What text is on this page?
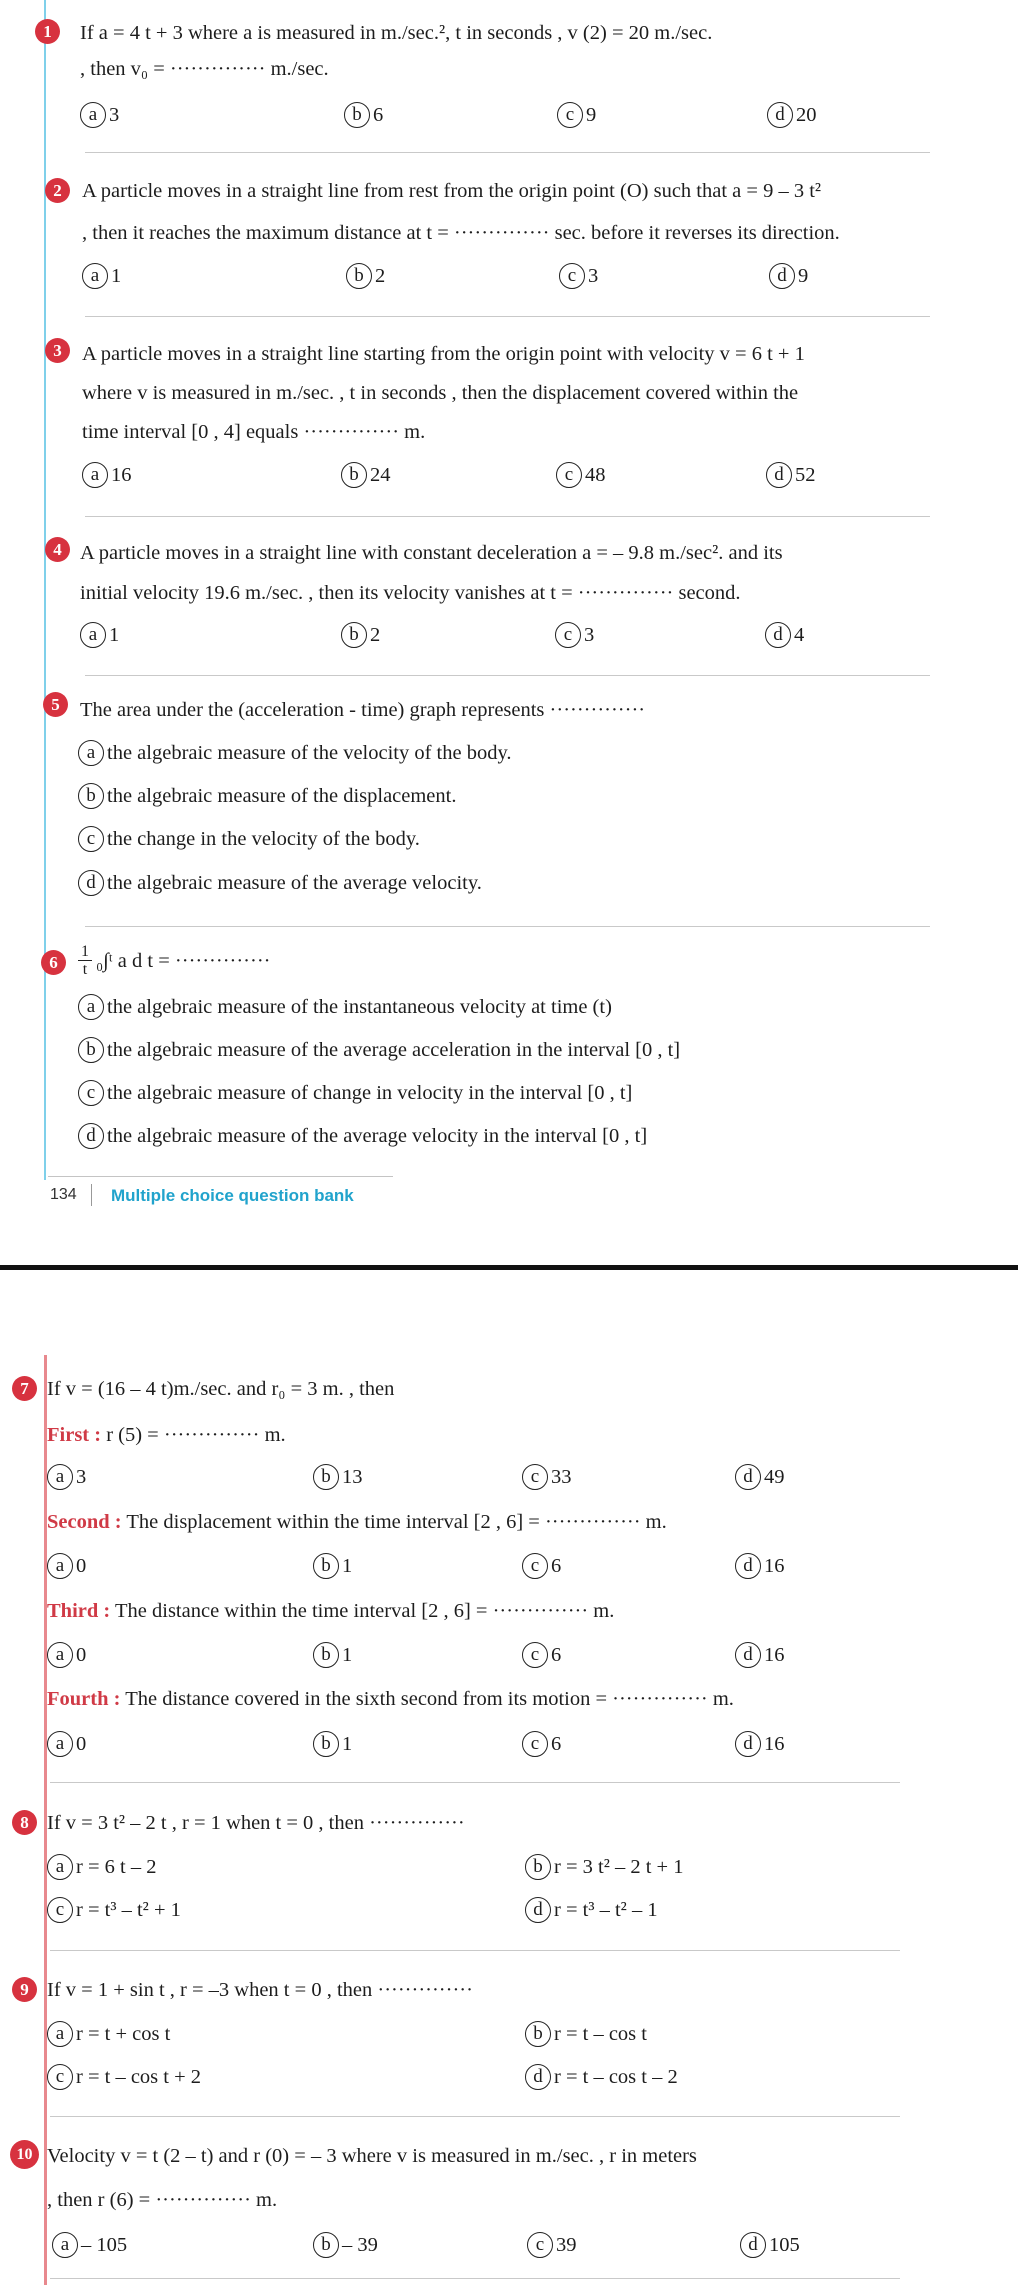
1	If a = 4 t + 3 where a is measured in m./sec.², t in seconds , v (2) = 20 m./sec.
, then v₀ = ·············· m./sec.
a 3	b 6	c 9	d 20
2 A particle moves in a straight line from rest from the origin point (O) such that a = 9 – 3 t²
, then it reaches the maximum distance at t = ·············· sec. before it reverses its direction.
a 1	b 2	c 3	d 9
3 A particle moves in a straight line starting from the origin point with velocity v = 6 t + 1
where v is measured in m./sec. , t in seconds , then the displacement covered within the
time interval [0 , 4] equals ·············· m.
a 16	b 24	c 48	d 52
4 A particle moves in a straight line with constant deceleration a = – 9.8 m./sec². and its
initial velocity 19.6 m./sec. , then its velocity vanishes at t = ·············· second.
a 1	b 2	c 3	d 4
5 The area under the (acceleration - time) graph represents ··············
a the algebraic measure of the velocity of the body.
b the algebraic measure of the displacement.
c the change in the velocity of the body.
d the algebraic measure of the average velocity.
6	$\frac{1}{t}$ ₀∫ᵗ a d t = ··············
a the algebraic measure of the instantaneous velocity at time (t)
b the algebraic measure of the average acceleration in the interval [0 , t]
c the algebraic measure of change in velocity in the interval [0 , t]
d the algebraic measure of the average velocity in the interval [0 , t]
134 Multiple choice question bank
7 If v = (16 – 4 t)m./sec. and r₀ = 3 m. , then
First : r (5) = ·············· m.
a 3	b 13	c 33	d 49
Second : The displacement within the time interval [2 , 6] = ·············· m.
a 0	b 1	c 6	d 16
Third : The distance within the time interval [2 , 6] = ·············· m.
a 0	b 1	c 6	d 16
Fourth : The distance covered in the sixth second from its motion = ·············· m.
a 0	b 1	c 6	d 16
8 If v = 3 t² – 2 t , r = 1 when t = 0 , then ··············
a r = 6 t – 2	b r = 3 t² – 2 t + 1
c r = t³ – t² + 1	d r = t³ – t² – 1
9 If v = 1 + sin t , r = –3 when t = 0 , then ··············
a r = t + cos t	b r = t – cos t
c r = t – cos t + 2	d r = t – cos t – 2
10 Velocity v = t (2 – t) and r (0) = – 3 where v is measured in m./sec. , r in meters
, then r (6) = ·············· m.
a – 105	b – 39	c 39	d 105
